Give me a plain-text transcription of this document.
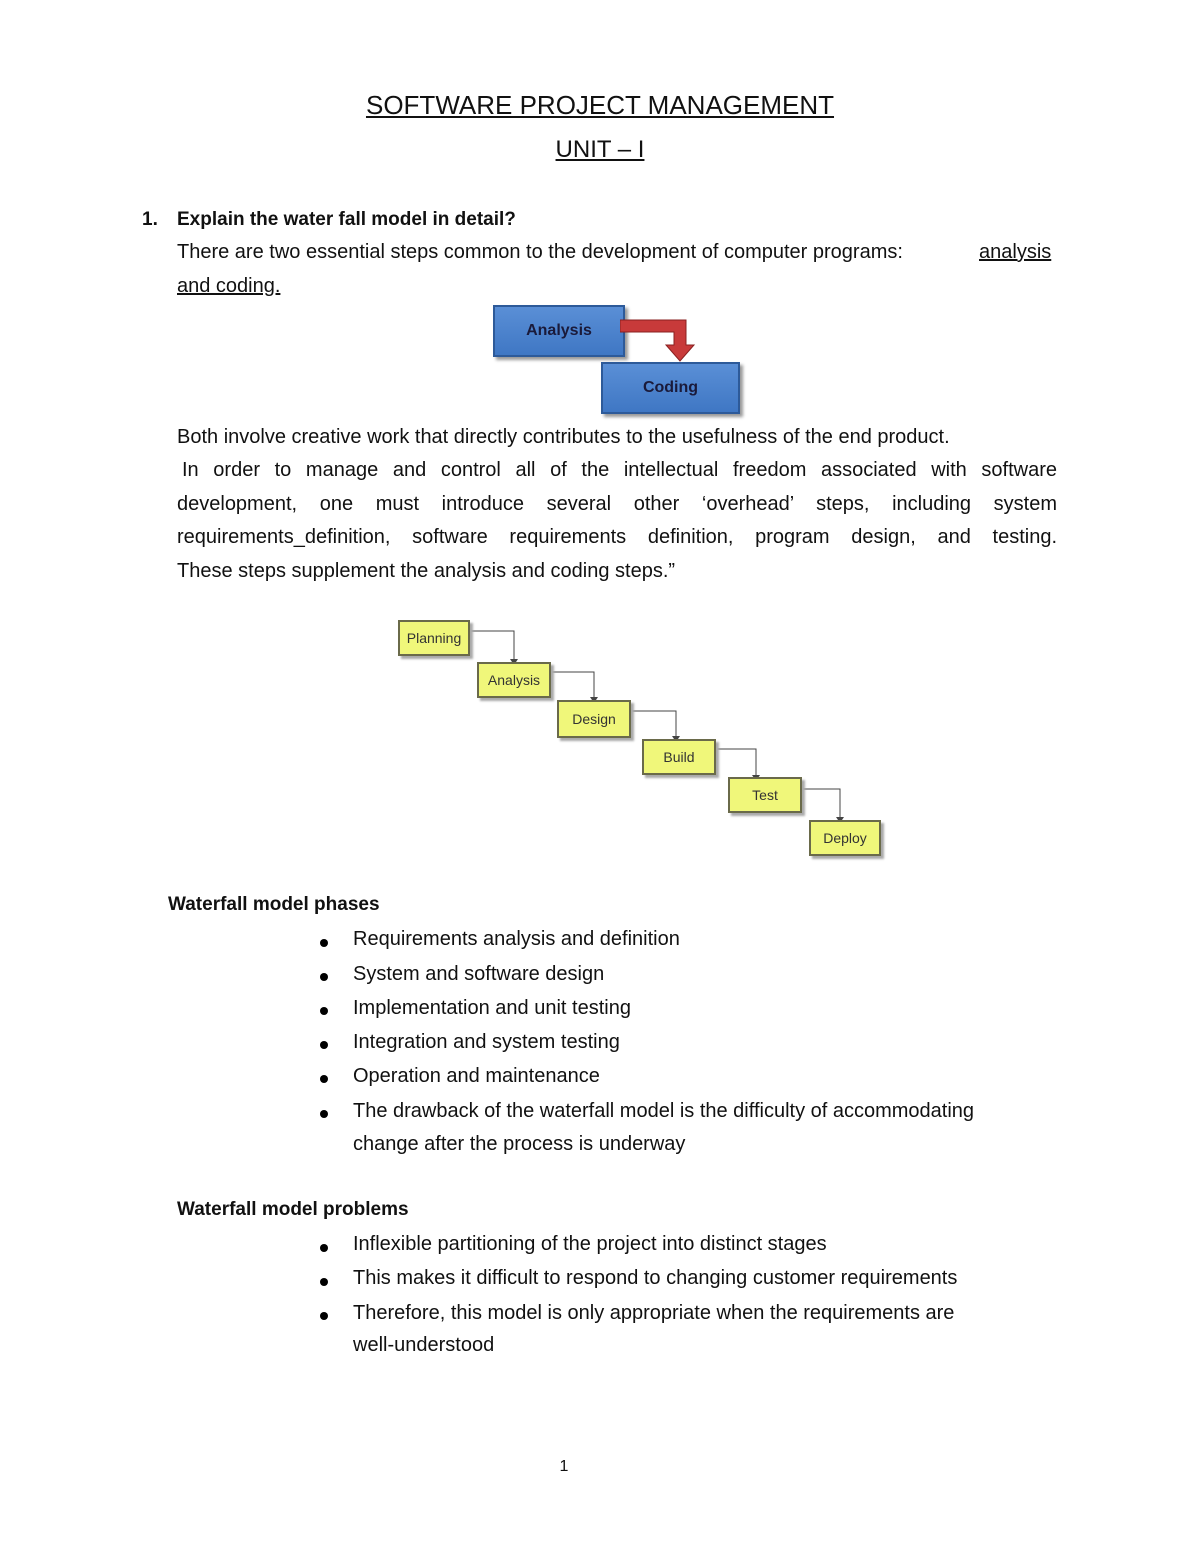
SOFTWARE PROJECT MANAGEMENT
UNIT – I
1. Explain the water fall model in detail?
There are two essential steps common to the development of computer programs:	analysis
and coding.
Analysis
Coding
Both involve creative work that directly contributes to the usefulness of the end product.
In order to manage and control all of the intellectual freedom associated with software
development, one must introduce several other ‘overhead’ steps, including system
requirements_definition, software requirements definition, program design, and testing.
These steps supplement the analysis and coding steps.”
Planning
Analysis
Design
Build
Test
Deploy
Waterfall model phases
Requirements analysis and definition
System and software design
Implementation and unit testing
Integration and system testing
Operation and maintenance
The drawback of the waterfall model is the difficulty of accommodating
change after the process is underway
Waterfall model problems
Inflexible partitioning of the project into distinct stages
This makes it difficult to respond to changing customer requirements
Therefore, this model is only appropriate when the requirements are
well-understood
1
